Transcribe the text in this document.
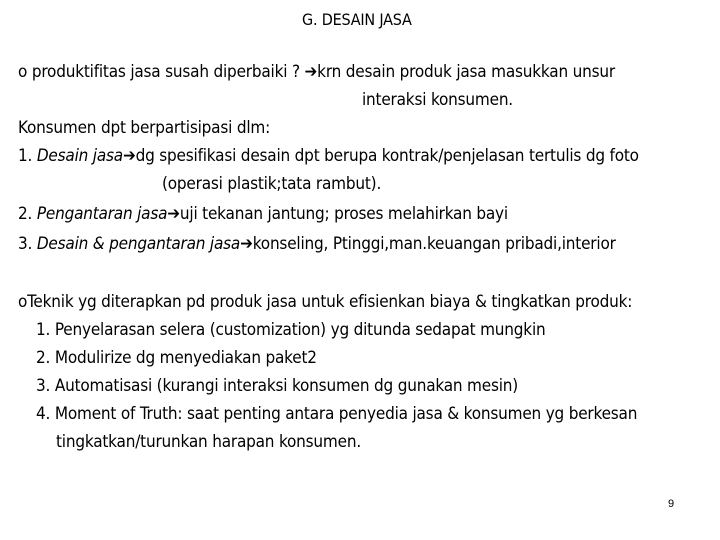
G. DESAIN JASA
o produktifitas jasa susah diperbaiki ? ➔krn desain produk jasa masukkan unsur
interaksi konsumen.
Konsumen dpt berpartisipasi dlm:
1. Desain jasa➔dg spesifikasi desain dpt berupa kontrak/penjelasan tertulis dg foto
(operasi plastik;tata rambut).
2. Pengantaran jasa➔uji tekanan jantung; proses melahirkan bayi
3. Desain & pengantaran jasa➔konseling, Ptinggi,man.keuangan pribadi,interior
oTeknik yg diterapkan pd produk jasa untuk efisienkan biaya & tingkatkan produk:
1. Penyelarasan selera (customization) yg ditunda sedapat mungkin
2. Modulirize dg menyediakan paket2
3. Automatisasi (kurangi interaksi konsumen dg gunakan mesin)
4. Moment of Truth: saat penting antara penyedia jasa & konsumen yg berkesan
tingkatkan/turunkan harapan konsumen.
9
